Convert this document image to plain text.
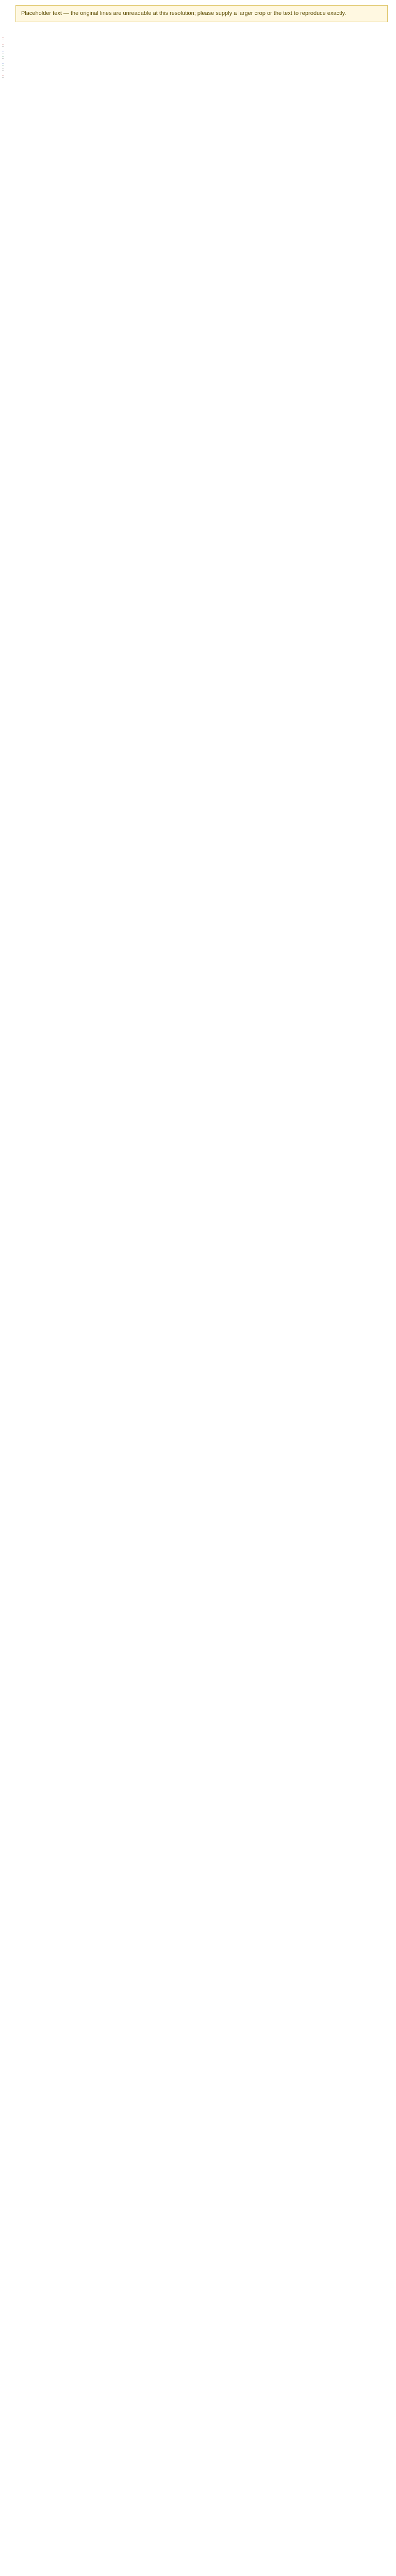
Placeholder text — the original lines are unreadable at this resolution; please supply a larger crop or the text to reproduce exactly.
……
……
……
……
……
……
……
……
……
……
……
……
……
……
……
